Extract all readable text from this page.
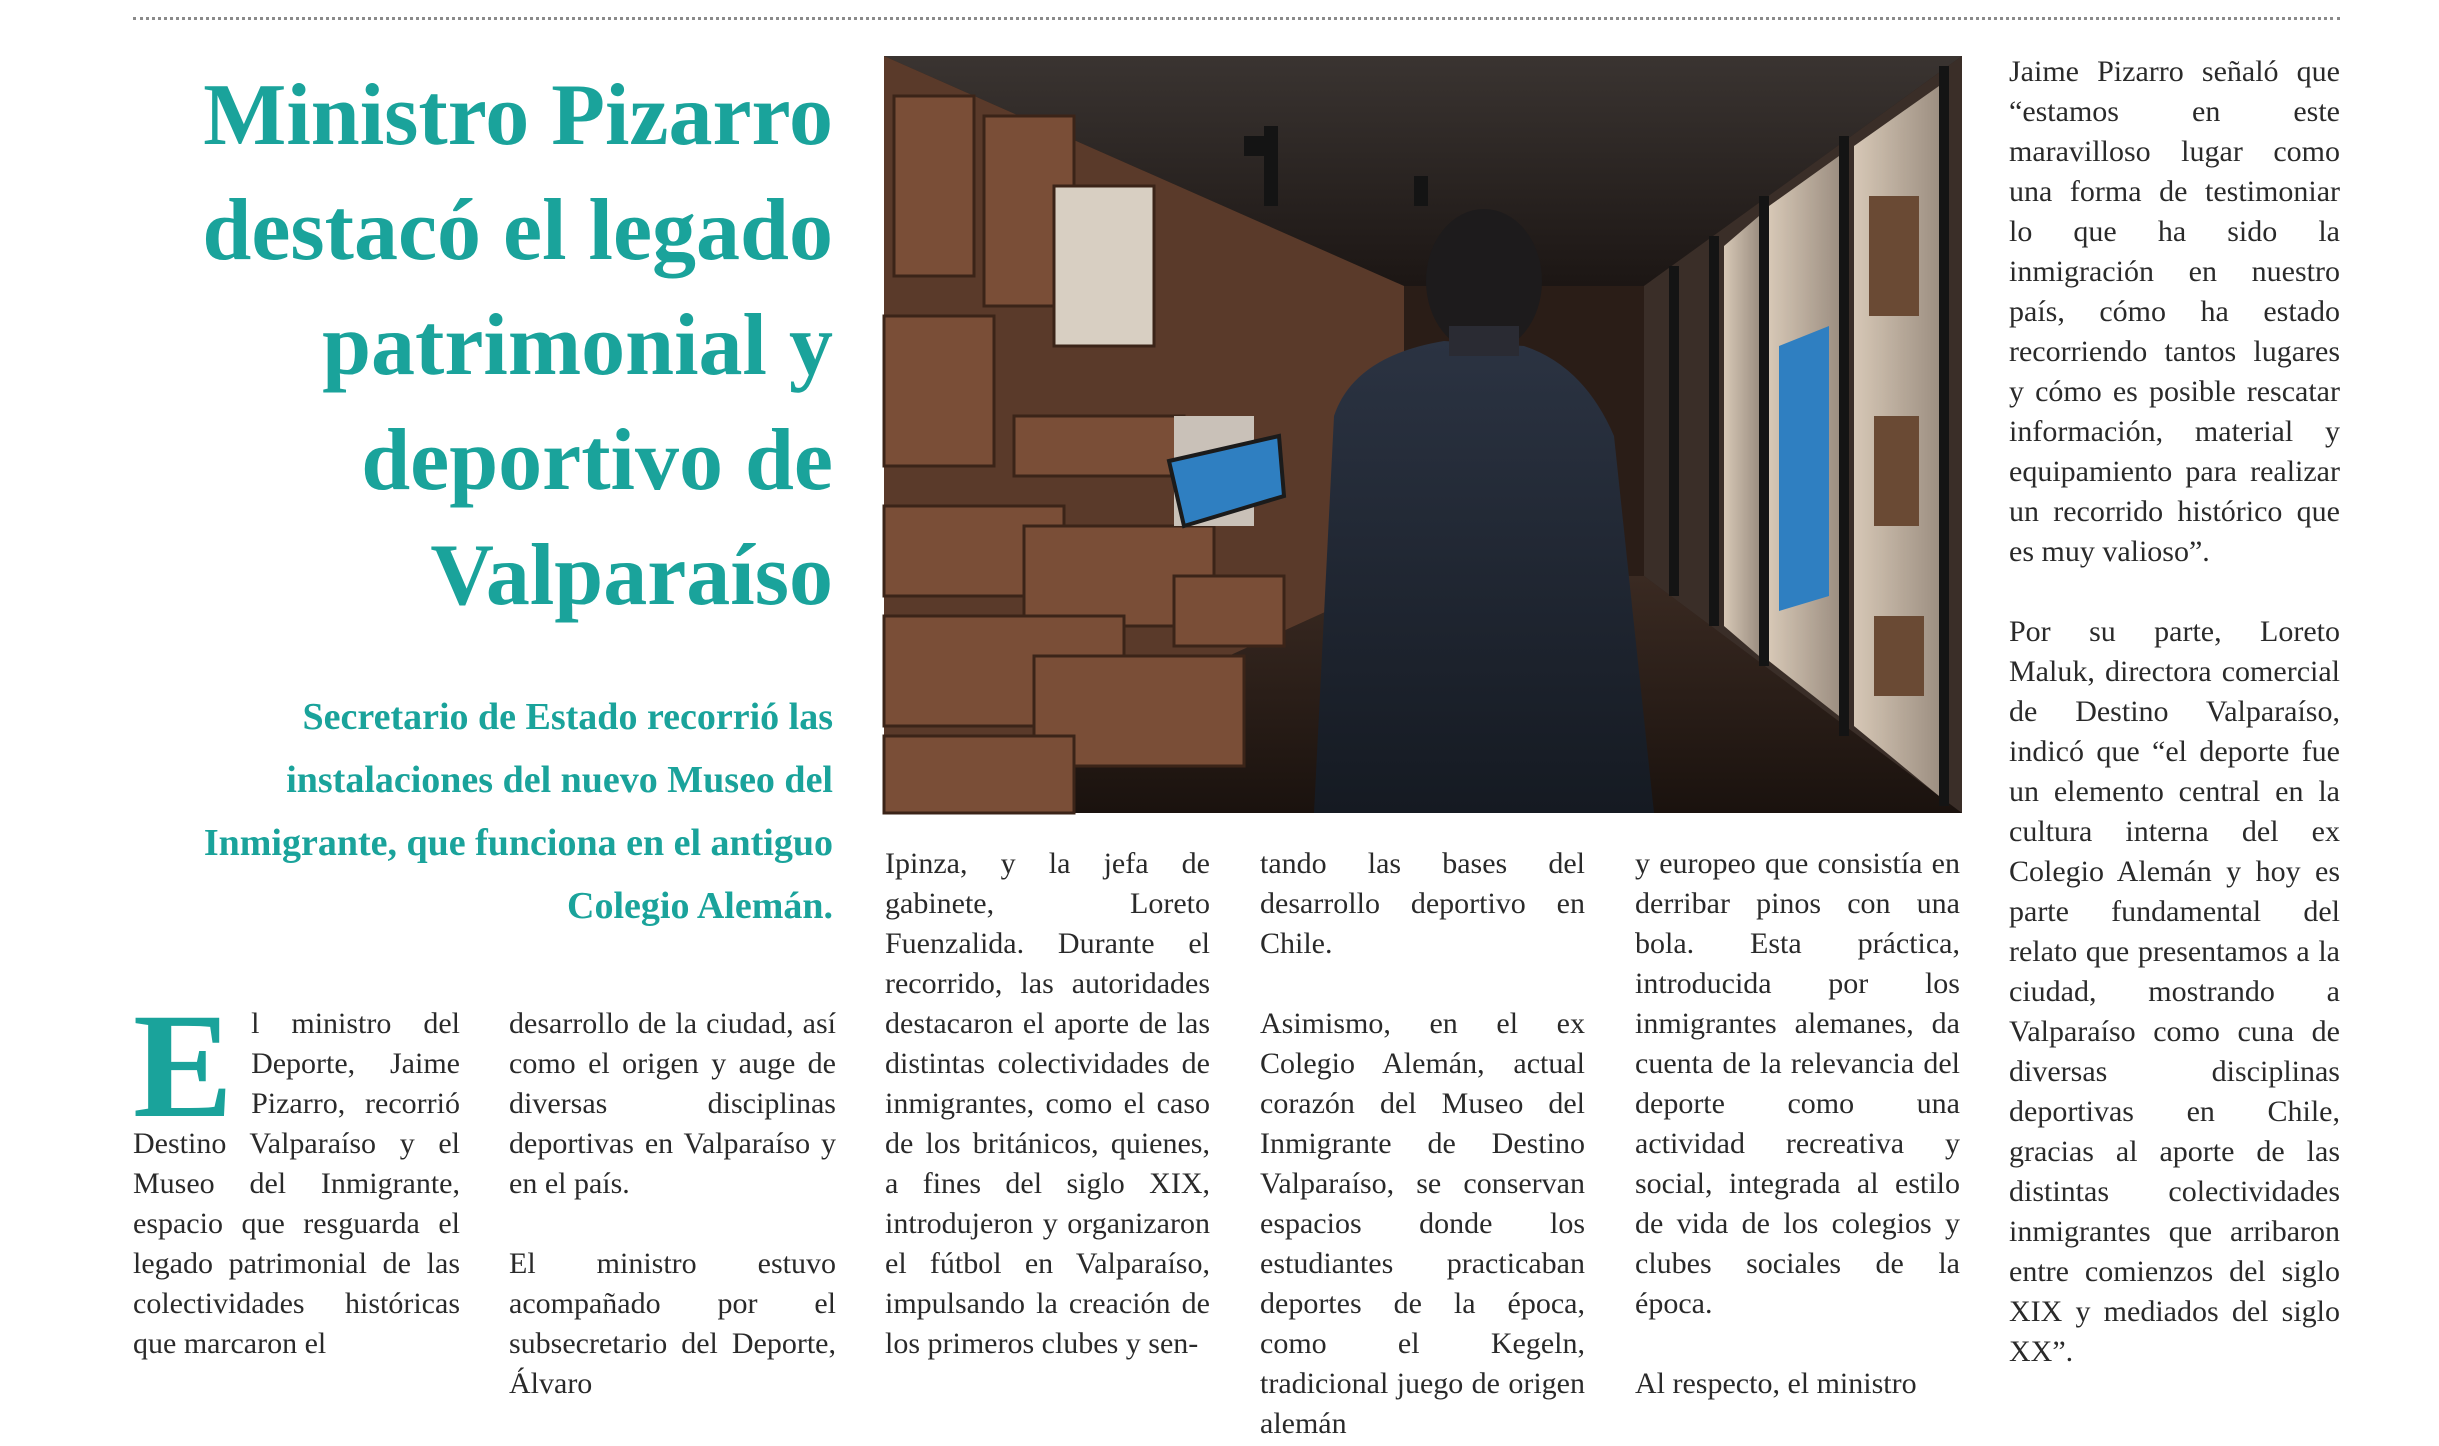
Ministro Pizarro destacó el legado patrimonial y deportivo de Valparaíso
Secretario de Estado recorrió las instalaciones del nuevo Museo del Inmigrante, que funciona en el antiguo Colegio Alemán.
E l ministro del Deporte, Jaime Pizarro, recorrió Destino Valparaíso y el Museo del Inmigrante, espacio que resguarda el legado patrimonial de las colectividades históricas que marcaron el

desarrollo de la ciudad, así como el origen y auge de diversas disciplinas deportivas en Valparaíso y en el país.

El ministro estuvo acompañado por el subsecretario del Deporte, Álvaro

Ipinza, y la jefa de gabinete, Loreto Fuenzalida. Durante el recorrido, las autoridades destacaron el aporte de las distintas colectividades de inmigrantes, como el caso de los británicos, quienes, a fines del siglo XIX, introdujeron y organizaron el fútbol en Valparaíso, impulsando la creación de los primeros clubes y sen-

tando las bases del desarrollo deportivo en Chile.

Asimismo, en el ex Colegio Alemán, actual corazón del Museo del Inmigrante de Destino Valparaíso, se conservan espacios donde los estudiantes practicaban deportes de la época, como el Kegeln, tradicional juego de origen alemán

y europeo que consistía en derribar pinos con una bola. Esta práctica, introducida por los inmigrantes alemanes, da cuenta de la relevancia del deporte como una actividad recreativa y social, integrada al estilo de vida de los colegios y clubes sociales de la época.

Al respecto, el ministro

Jaime Pizarro señaló que “estamos en este maravilloso lugar como una forma de testimoniar lo que ha sido la inmigración en nuestro país, cómo ha estado recorriendo tantos lugares y cómo es posible rescatar información, material y equipamiento para realizar un recorrido histórico que es muy valioso”.

Por su parte, Loreto Maluk, directora comercial de Destino Valparaíso, indicó que “el deporte fue un elemento central en la cultura interna del ex Colegio Alemán y hoy es parte fundamental del relato que presentamos a la ciudad, mostrando a Valparaíso como cuna de diversas disciplinas deportivas en Chile, gracias al aporte de las distintas colectividades inmigrantes que arribaron entre comienzos del siglo XIX y mediados del siglo XX”.
